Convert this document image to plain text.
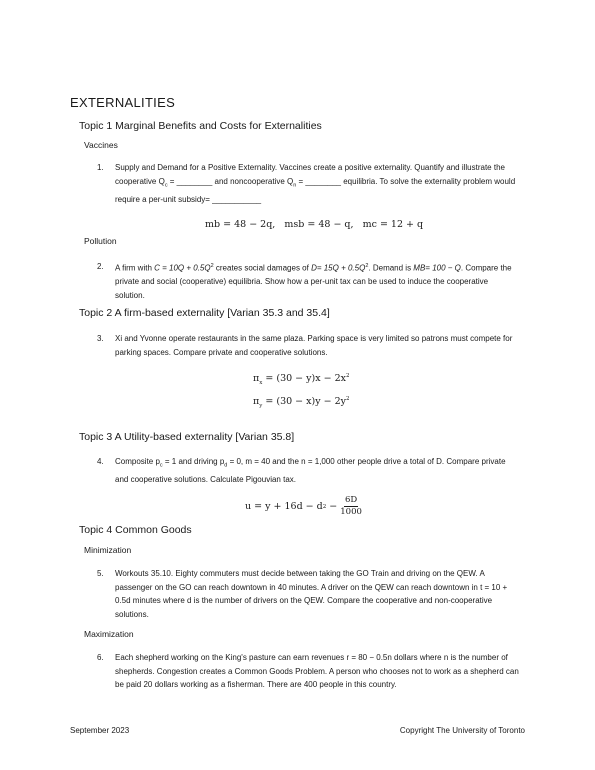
EXTERNALITIES
Topic 1 Marginal Benefits and Costs for Externalities
Vaccines
1. Supply and Demand for a Positive Externality. Vaccines create a positive externality. Quantify and illustrate the cooperative $Q_c$ = ________ and noncooperative $Q_n$ = ________ equilibria. To solve the externality problem would require a per-unit subsidy= ___________
mb = 48 − 2q,   msb = 48 − q,   mc = 12 + q
Pollution
2. A firm with $C = 10Q + 0.5Q^2$ creates social damages of $D= 15Q + 0.5Q^2$. Demand is MB= 100 − Q. Compare the private and social (cooperative) equilibria. Show how a per-unit tax can be used to induce the cooperative solution.
Topic 2 A firm-based externality [Varian 35.3 and 35.4]
3. Xi and Yvonne operate restaurants in the same plaza. Parking space is very limited so patrons must compete for parking spaces. Compare private and cooperative solutions.
$\pi_x = (30 - y)x - 2x^2$
$\pi_y = (30 - x)y - 2y^2$
Topic 3 A Utility-based externality [Varian 35.8]
4. Composite $p_c = 1$ and driving $p_d = 0$, m = 40 and the n = 1,000 other people drive a total of D. Compare private and cooperative solutions. Calculate Pigouvian tax.
u = y + 16d − d $2 - \frac{6D}{1000}$
Topic 4 Common Goods
Minimization
5. Workouts 35.10. Eighty commuters must decide between taking the GO Train and driving on the QEW. A passenger on the GO can reach downtown in 40 minutes. A driver on the QEW can reach downtown in t = 10 + 0.5d minutes where d is the number of drivers on the QEW. Compare the cooperative and non-cooperative solutions.
Maximization
6. Each shepherd working on the King's pasture can earn revenues r = 80 − 0.5n dollars where n is the number of shepherds. Congestion creates a Common Goods Problem. A person who chooses not to work as a shepherd can be paid 20 dollars working as a fisherman. There are 400 people in this country.
September 2023	Copyright The University of Toronto
